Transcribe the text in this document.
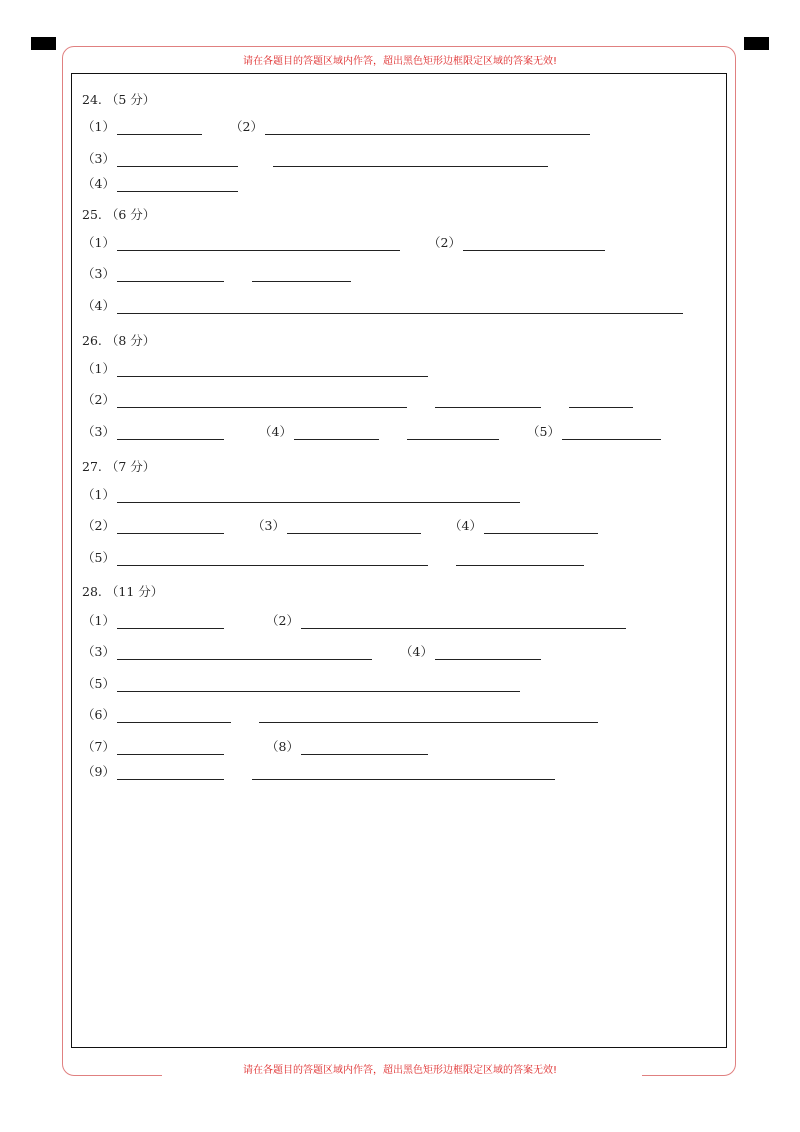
请在各题目的答题区域内作答，超出黑色矩形边框限定区域的答案无效!
请在各题目的答题区域内作答，超出黑色矩形边框限定区域的答案无效!
24. （5 分）
（1）	（2）
（3）
（4）
25. （6 分）
（1）	（2）
（3）
（4）
26. （8 分）
（1）
（2）
（3）	（4）	（5）
27. （7 分）
（1）
（2）	（3）	（4）
（5）
28. （11 分）
（1）	（2）
（3）	（4）
（5）
（6）
（7）	（8）
（9）
